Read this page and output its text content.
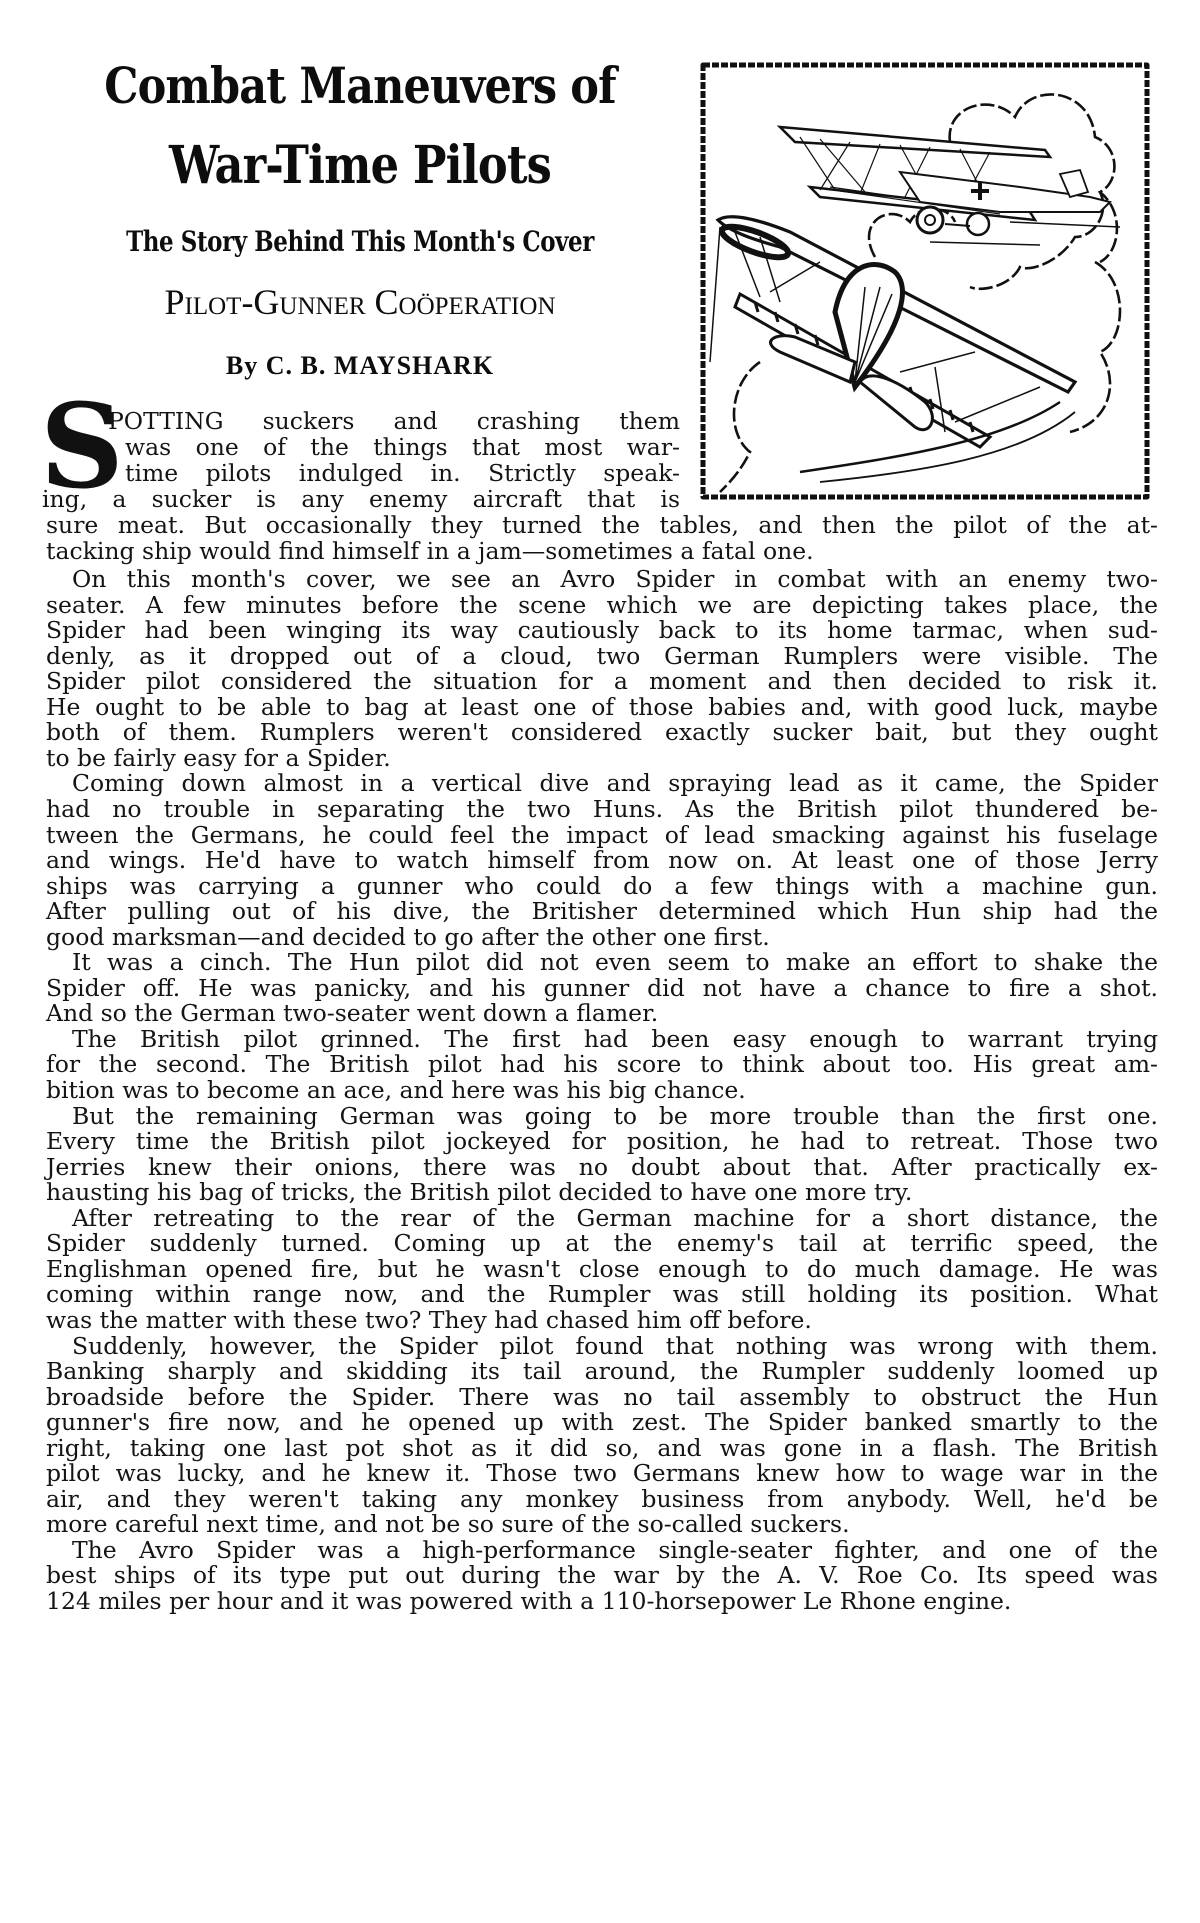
Combat Maneuvers of
War-Time Pilots
The Story Behind This Month's Cover
Pilot-Gunner Coöperation
By C. B. MAYSHARK
S
POTTING suckers and crashing them
was one of the things that most war-
time pilots indulged in. Strictly speak-
ing, a sucker is any enemy aircraft that is
sure meat. But occasionally they turned the tables, and then the pilot of the at-
tacking ship would find himself in a jam—sometimes a fatal one.
On this month's cover, we see an Avro Spider in combat with an enemy two-
seater. A few minutes before the scene which we are depicting takes place, the
Spider had been winging its way cautiously back to its home tarmac, when sud-
denly, as it dropped out of a cloud, two German Rumplers were visible. The
Spider pilot considered the situation for a moment and then decided to risk it.
He ought to be able to bag at least one of those babies and, with good luck, maybe
both of them. Rumplers weren't considered exactly sucker bait, but they ought
to be fairly easy for a Spider.
Coming down almost in a vertical dive and spraying lead as it came, the Spider
had no trouble in separating the two Huns. As the British pilot thundered be-
tween the Germans, he could feel the impact of lead smacking against his fuselage
and wings. He'd have to watch himself from now on. At least one of those Jerry
ships was carrying a gunner who could do a few things with a machine gun.
After pulling out of his dive, the Britisher determined which Hun ship had the
good marksman—and decided to go after the other one first.
It was a cinch. The Hun pilot did not even seem to make an effort to shake the
Spider off. He was panicky, and his gunner did not have a chance to fire a shot.
And so the German two-seater went down a flamer.
The British pilot grinned. The first had been easy enough to warrant trying
for the second. The British pilot had his score to think about too. His great am-
bition was to become an ace, and here was his big chance.
But the remaining German was going to be more trouble than the first one.
Every time the British pilot jockeyed for position, he had to retreat. Those two
Jerries knew their onions, there was no doubt about that. After practically ex-
hausting his bag of tricks, the British pilot decided to have one more try.
After retreating to the rear of the German machine for a short distance, the
Spider suddenly turned. Coming up at the enemy's tail at terrific speed, the
Englishman opened fire, but he wasn't close enough to do much damage. He was
coming within range now, and the Rumpler was still holding its position. What
was the matter with these two? They had chased him off before.
Suddenly, however, the Spider pilot found that nothing was wrong with them.
Banking sharply and skidding its tail around, the Rumpler suddenly loomed up
broadside before the Spider. There was no tail assembly to obstruct the Hun
gunner's fire now, and he opened up with zest. The Spider banked smartly to the
right, taking one last pot shot as it did so, and was gone in a flash. The British
pilot was lucky, and he knew it. Those two Germans knew how to wage war in the
air, and they weren't taking any monkey business from anybody. Well, he'd be
more careful next time, and not be so sure of the so-called suckers.
The Avro Spider was a high-performance single-seater fighter, and one of the
best ships of its type put out during the war by the A. V. Roe Co. Its speed was
124 miles per hour and it was powered with a 110-horsepower Le Rhone engine.
